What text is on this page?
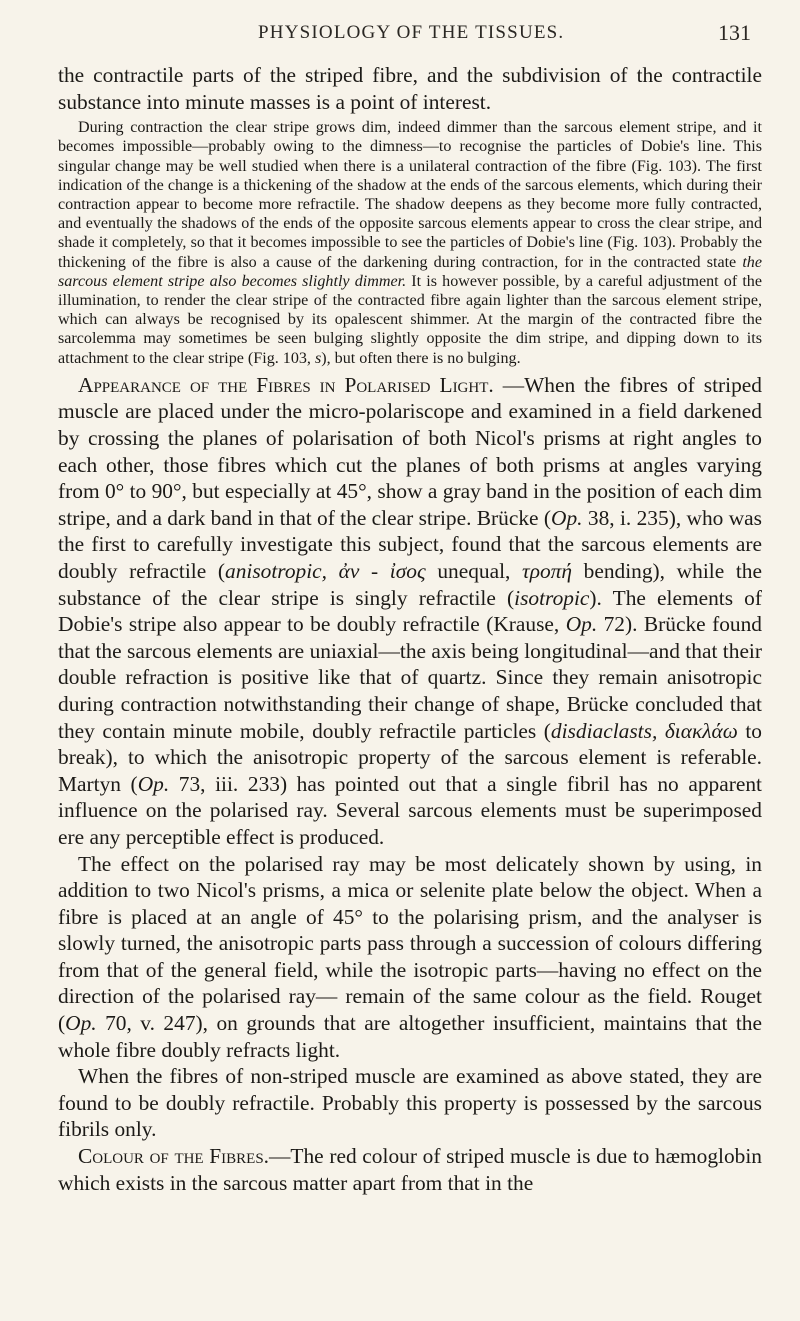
PHYSIOLOGY OF THE TISSUES.	131

the contractile parts of the striped fibre, and the subdivision of the contractile substance into minute masses is a point of interest.

During contraction the clear stripe grows dim, indeed dimmer than the sarcous element stripe, and it becomes impossible—probably owing to the dimness—to recognise the particles of Dobie's line. This singular change may be well studied when there is a unilateral contraction of the fibre (Fig. 103). The first indication of the change is a thickening of the shadow at the ends of the sarcous elements, which during their contraction appear to become more refractile. The shadow deepens as they become more fully contracted, and eventually the shadows of the ends of the opposite sarcous elements appear to cross the clear stripe, and shade it completely, so that it becomes impossible to see the particles of Dobie's line (Fig. 103). Probably the thickening of the fibre is also a cause of the darkening during contraction, for in the contracted state the sarcous element stripe also becomes slightly dimmer. It is however possible, by a careful adjustment of the illumination, to render the clear stripe of the contracted fibre again lighter than the sarcous element stripe, which can always be recognised by its opalescent shimmer. At the margin of the contracted fibre the sarcolemma may sometimes be seen bulging slightly opposite the dim stripe, and dipping down to its attachment to the clear stripe (Fig. 103, s), but often there is no bulging.

Appearance of the Fibres in Polarised Light. —When the fibres of striped muscle are placed under the micro-polariscope and examined in a field darkened by crossing the planes of polarisation of both Nicol's prisms at right angles to each other, those fibres which cut the planes of both prisms at angles varying from 0° to 90°, but especially at 45°, show a gray band in the position of each dim stripe, and a dark band in that of the clear stripe. Brücke (Op. 38, i. 235), who was the first to carefully investigate this subject, found that the sarcous elements are doubly refractile (anisotropic, ἀν - ἰσος unequal, τροπή bending), while the substance of the clear stripe is singly refractile (isotropic). The elements of Dobie's stripe also appear to be doubly refractile (Krause, Op. 72). Brücke found that the sarcous elements are uniaxial—the axis being longitudinal—and that their double refraction is positive like that of quartz. Since they remain anisotropic during contraction notwithstanding their change of shape, Brücke concluded that they contain minute mobile, doubly refractile particles (disdiaclasts, διακλάω to break), to which the anisotropic property of the sarcous element is referable. Martyn (Op. 73, iii. 233) has pointed out that a single fibril has no apparent influence on the polarised ray. Several sarcous elements must be superimposed ere any perceptible effect is produced.

The effect on the polarised ray may be most delicately shown by using, in addition to two Nicol's prisms, a mica or selenite plate below the object. When a fibre is placed at an angle of 45° to the polarising prism, and the analyser is slowly turned, the anisotropic parts pass through a succession of colours differing from that of the general field, while the isotropic parts—having no effect on the direction of the polarised ray— remain of the same colour as the field. Rouget (Op. 70, v. 247), on grounds that are altogether insufficient, maintains that the whole fibre doubly refracts light.

When the fibres of non-striped muscle are examined as above stated, they are found to be doubly refractile. Probably this property is possessed by the sarcous fibrils only.

Colour of the Fibres.—The red colour of striped muscle is due to hæmoglobin which exists in the sarcous matter apart from that in the
